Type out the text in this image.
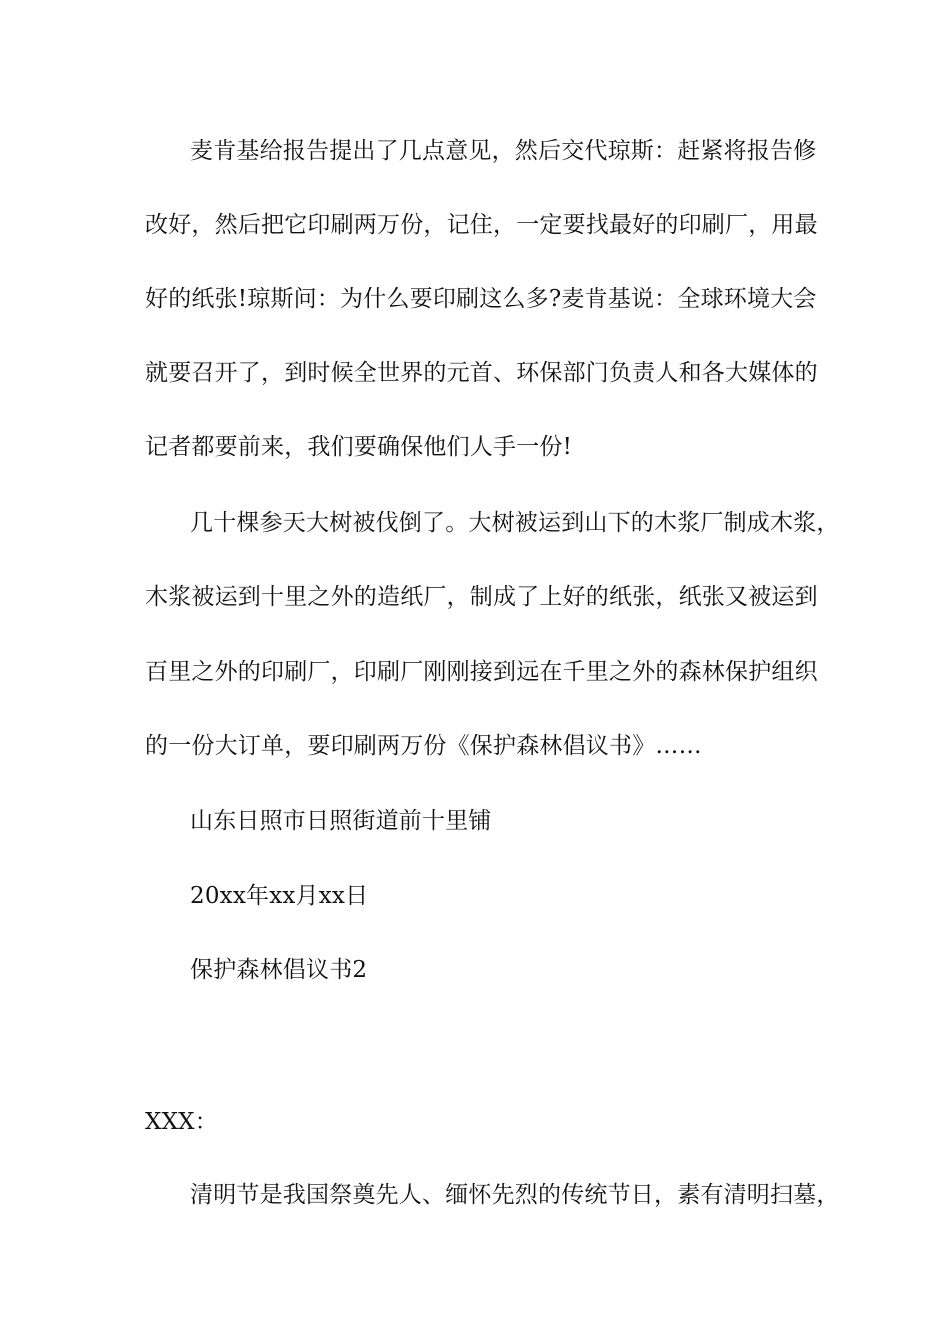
麦肯基给报告提出了几点意见，然后交代琼斯：赶紧将报告修
改好，然后把它印刷两万份，记住，一定要找最好的印刷厂，用最
好的纸张!琼斯问：为什么要印刷这么多?麦肯基说：全球环境大会
就要召开了，到时候全世界的元首、环保部门负责人和各大媒体的
记者都要前来，我们要确保他们人手一份!
几十棵参天大树被伐倒了。大树被运到山下的木浆厂制成木浆，
木浆被运到十里之外的造纸厂，制成了上好的纸张，纸张又被运到
百里之外的印刷厂，印刷厂刚刚接到远在千里之外的森林保护组织
的一份大订单，要印刷两万份《保护森林倡议书》……
山东日照市日照街道前十里铺
20xx年xx月xx日
保护森林倡议书2
XXX：
清明节是我国祭奠先人、缅怀先烈的传统节日，素有清明扫墓，
